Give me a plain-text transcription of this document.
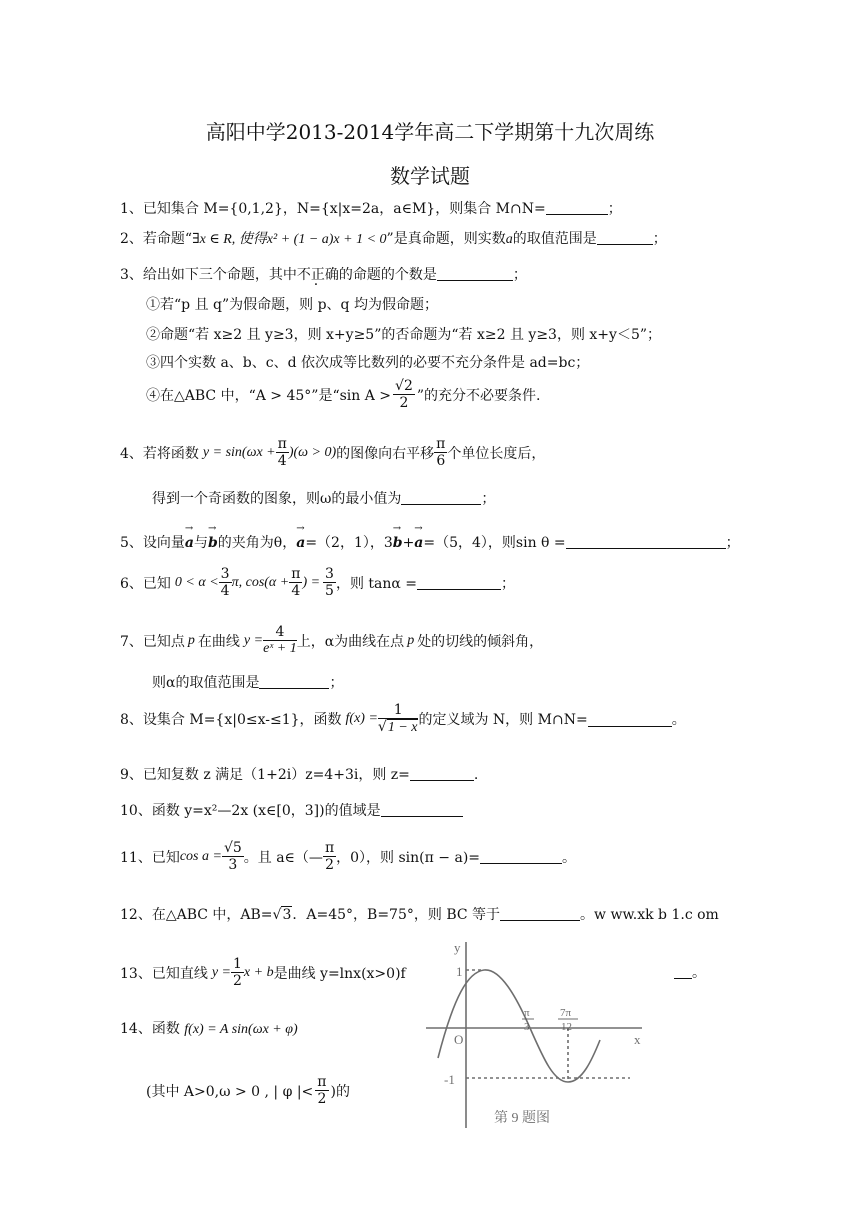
高阳中学2013-2014学年高二下学期第十九次周练
数学试题
1、已知集合 M={0,1,2}，N={x|x=2a，a∈M}，则集合 M∩N=	；
2、若命题“∃x ∈ R, 使得x² + (1 − a)x + 1 < 0”是真命题，则实数a的取值范围是	；
3、给出如下三个命题，其中不正确的命题的个数是	；
①若“p 且 q”为假命题，则 p、q 均为假命题；
②命题“若 x≥2 且 y≥3，则 x+y≥5”的否命题为“若 x≥2 且 y≥3，则 x+y＜5”；
③四个实数 a、b、c、d 依次成等比数列的必要不充分条件是 ad=bc；
④在△ABC 中，“A > 45°”是“sin $A > \frac{√2}{2}$ ”的充分不必要条件.
4、若将函数 $y = \sin(\omega x + \frac{\pi}{4} )(\omega > 0)$ 的图像向右平移 $\frac{\pi}{6}$ 个单位长度后，
得到一个奇函数的图象，则ω的最小值为	；
5、设向量→ a与→ b的夹角为θ，→ a=（2，1），3→ b+→ a=（5，4），则sin θ =	；
6、已知 $0 < \alpha < \frac{3}{4} \pi$, $\cos(\alpha + \frac{\pi}{4}$ ) = $\frac{3}{5}$ ，则 tanα =	；
7、已知点 p 在曲线 $y = \frac{4}{\text{eˣ + 1}}$ 上，α为曲线在点 p 处的切线的倾斜角，
则α的取值范围是	；
8、设集合 M={x|0≤x-≤1}，函数 $f(x) = \frac{1}{√1 - x}$ 的定义域为 N，则 M∩N=	。
9、已知复数 z 满足（1+2i）z=4+3i，则 z=	.
10、函数 y=x²—2x (x∈[0，3])的值域是
11、已知 $\cos a = \frac{√5}{3}$ 。且 a∈（— $\frac{\pi}{2}$ ，0），则 sin(π − a)=	。
12、在△ABC 中，AB=√3．A=45°，B=75°，则 BC 等于	。w ww.xk b 1.c om
13、已知直线 $y = \frac{1}{2}$ x + b 是曲线 y=lnx(x>0)f	。
14、函数 f(x) = A sin(ωx + φ)
(其中 A>0,ω > 0 , | φ |< $\frac{\pi}{2}$ )的
y
x
O
1
-1
π
3
7π
12
第 9 题图
